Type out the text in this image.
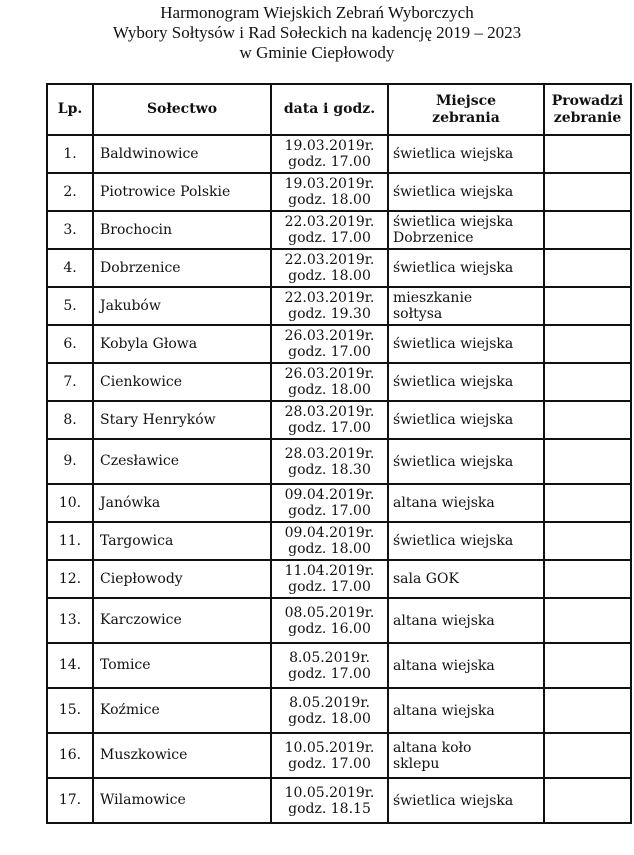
Harmonogram Wiejskich Zebrań Wyborczych
Wybory Sołtysów i Rad Sołeckich na kadencję 2019 – 2023
w Gminie Ciepłowody
Lp.	Sołectwo	data i godz.	Miejsce zebrania	Prowadzi zebranie
1.	Baldwinowice	19.03.2019r.
godz. 17.00	świetlica wiejska	

2.	Piotrowice Polskie	19.03.2019r.
godz. 18.00	świetlica wiejska	

3.	Brochocin	22.03.2019r.
godz. 17.00	świetlica wiejska
Dobrzenice	

4.	Dobrzenice	22.03.2019r.
godz. 18.00	świetlica wiejska	

5.	Jakubów	22.03.2019r.
godz. 19.30	mieszkanie
sołtysa	

6.	Kobyla Głowa	26.03.2019r.
godz. 17.00	świetlica wiejska	

7.	Cienkowice	26.03.2019r.
godz. 18.00	świetlica wiejska	

8.	Stary Henryków	28.03.2019r.
godz. 17.00	świetlica wiejska	

9.	Czesławice	28.03.2019r.
godz. 18.30	świetlica wiejska	

10.	Janówka	09.04.2019r.
godz. 17.00	altana wiejska	

11.	Targowica	09.04.2019r.
godz. 18.00	świetlica wiejska	

12.	Ciepłowody	11.04.2019r.
godz. 17.00	sala GOK	

13.	Karczowice	08.05.2019r.
godz. 16.00	altana wiejska	

14.	Tomice	8.05.2019r.
godz. 17.00	altana wiejska	

15.	Koźmice	8.05.2019r.
godz. 18.00	altana wiejska	

16.	Muszkowice	10.05.2019r.
godz. 17.00	altana koło
sklepu	

17.	Wilamowice	10.05.2019r.
godz. 18.15	świetlica wiejska	
